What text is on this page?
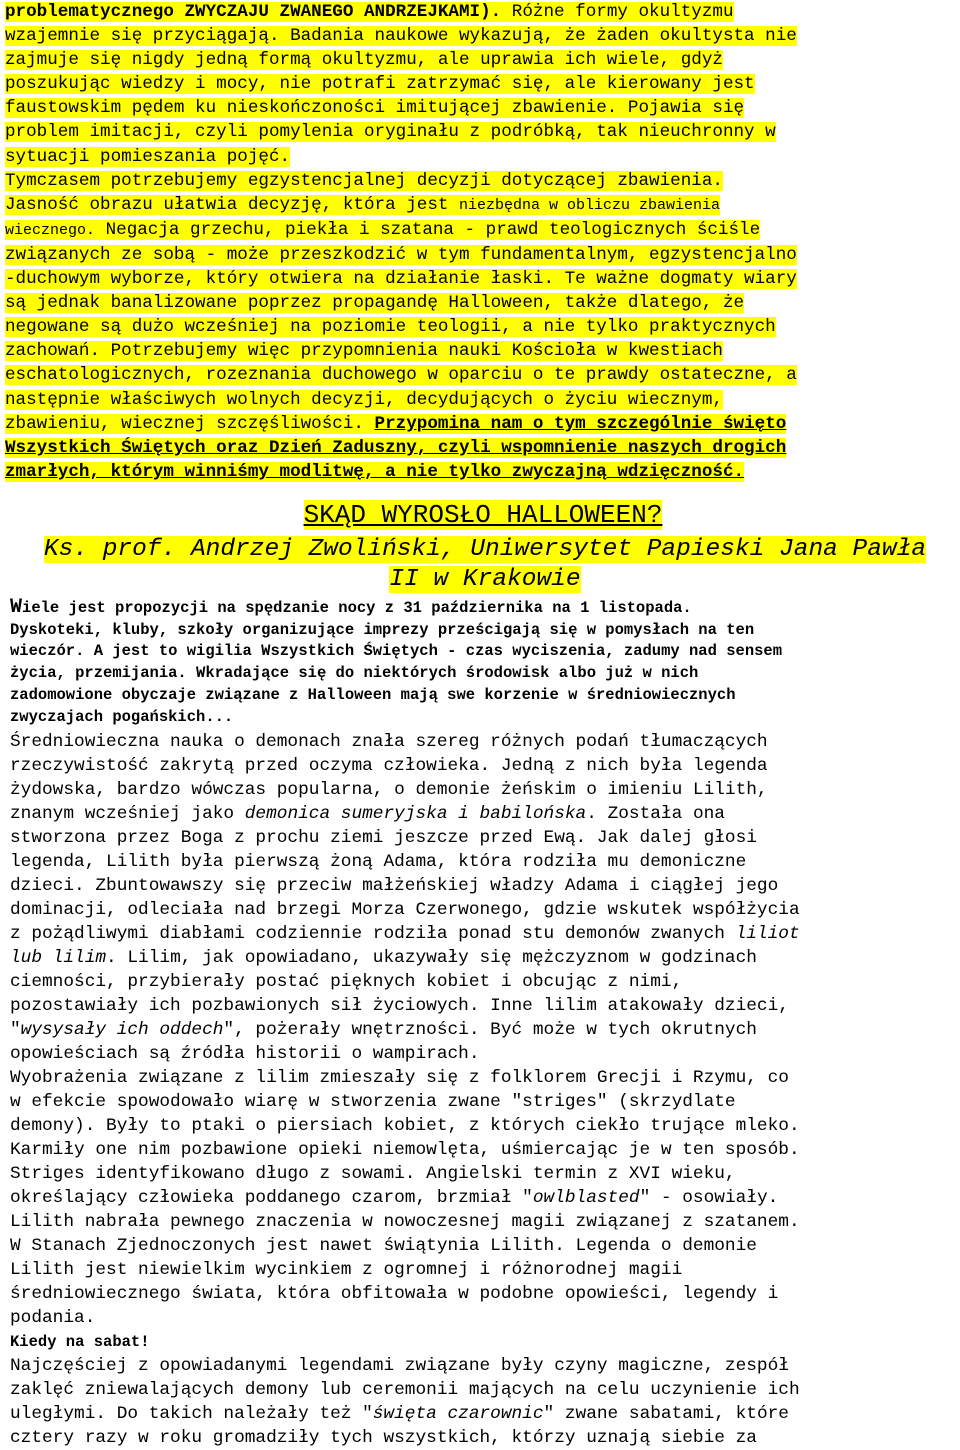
problematycznego ZWYCZAJU ZWANEGO ANDRZEJKAMI). Różne formy okultyzmu
wzajemnie się przyciągają. Badania naukowe wykazują, że żaden okultysta nie
zajmuje się nigdy jedną formą okultyzmu, ale uprawia ich wiele, gdyż
poszukując wiedzy i mocy, nie potrafi zatrzymać się, ale kierowany jest
faustowskim pędem ku nieskończoności imitującej zbawienie. Pojawia się
problem imitacji, czyli pomylenia oryginału z podróbką, tak nieuchronny w
sytuacji pomieszania pojęć.
Tymczasem potrzebujemy egzystencjalnej decyzji dotyczącej zbawienia.
Jasność obrazu ułatwia decyzję, która jest niezbędna w obliczu zbawienia
wiecznego. Negacja grzechu, piekła i szatana - prawd teologicznych ściśle
związanych ze sobą - może przeszkodzić w tym fundamentalnym, egzystencjalno
-duchowym wyborze, który otwiera na działanie łaski. Te ważne dogmaty wiary
są jednak banalizowane poprzez propagandę Halloween, także dlatego, że
negowane są dużo wcześniej na poziomie teologii, a nie tylko praktycznych
zachowań. Potrzebujemy więc przypomnienia nauki Kościoła w kwestiach
eschatologicznych, rozeznania duchowego w oparciu o te prawdy ostateczne, a
następnie właściwych wolnych decyzji, decydujących o życiu wiecznym,
zbawieniu, wiecznej szczęśliwości. Przypomina nam o tym szczególnie święto
Wszystkich Świętych oraz Dzień Zaduszny, czyli wspomnienie naszych drogich
zmarłych, którym winniśmy modlitwę, a nie tylko zwyczajną wdzięczność.
SKĄD WYROSŁO HALLOWEEN?
Ks. prof. Andrzej Zwoliński, Uniwersytet Papieski Jana Pawła
II w Krakowie
Wiele jest propozycji na spędzanie nocy z 31 października na 1 listopada.
Dyskoteki, kluby, szkoły organizujące imprezy prześcigają się w pomysłach na ten
wieczór. A jest to wigilia Wszystkich Świętych - czas wyciszenia, zadumy nad sensem
życia, przemijania. Wkradające się do niektórych środowisk albo już w nich
zadomowione obyczaje związane z Halloween mają swe korzenie w średniowiecznych
zwyczajach pogańskich...
Średniowieczna nauka o demonach znała szereg różnych podań tłumaczących
rzeczywistość zakrytą przed oczyma człowieka. Jedną z nich była legenda
żydowska, bardzo wówczas popularna, o demonie żeńskim o imieniu Lilith,
znanym wcześniej jako demonica sumeryjska i babilońska. Została ona
stworzona przez Boga z prochu ziemi jeszcze przed Ewą. Jak dalej głosi
legenda, Lilith była pierwszą żoną Adama, która rodziła mu demoniczne
dzieci. Zbuntowawszy się przeciw małżeńskiej władzy Adama i ciągłej jego
dominacji, odleciała nad brzegi Morza Czerwonego, gdzie wskutek współżycia
z pożądliwymi diabłami codziennie rodziła ponad stu demonów zwanych liliot
lub lilim. Lilim, jak opowiadano, ukazywały się mężczyznom w godzinach
ciemności, przybierały postać pięknych kobiet i obcując z nimi,
pozostawiały ich pozbawionych sił życiowych. Inne lilim atakowały dzieci,
"wysysały ich oddech", pożerały wnętrzności. Być może w tych okrutnych
opowieściach są źródła historii o wampirach.
Wyobrażenia związane z lilim zmieszały się z folklorem Grecji i Rzymu, co
w efekcie spowodowało wiarę w stworzenia zwane "striges" (skrzydlate
demony). Były to ptaki o piersiach kobiet, z których ciekło trujące mleko.
Karmiły one nim pozbawione opieki niemowlęta, uśmiercając je w ten sposób.
Striges identyfikowano długo z sowami. Angielski termin z XVI wieku,
określający człowieka poddanego czarom, brzmiał "owlblasted" - osowiały.
Lilith nabrała pewnego znaczenia w nowoczesnej magii związanej z szatanem.
W Stanach Zjednoczonych jest nawet świątynia Lilith. Legenda o demonie
Lilith jest niewielkim wycinkiem z ogromnej i różnorodnej magii
średniowiecznego świata, która obfitowała w podobne opowieści, legendy i
podania.
Kiedy na sabat!
Najczęściej z opowiadanymi legendami związane były czyny magiczne, zespół
zaklęć zniewalających demony lub ceremonii mających na celu uczynienie ich
uległymi. Do takich należały też "święta czarownic" zwane sabatami, które
cztery razy w roku gromadziły tych wszystkich, którzy uznają siebie za
